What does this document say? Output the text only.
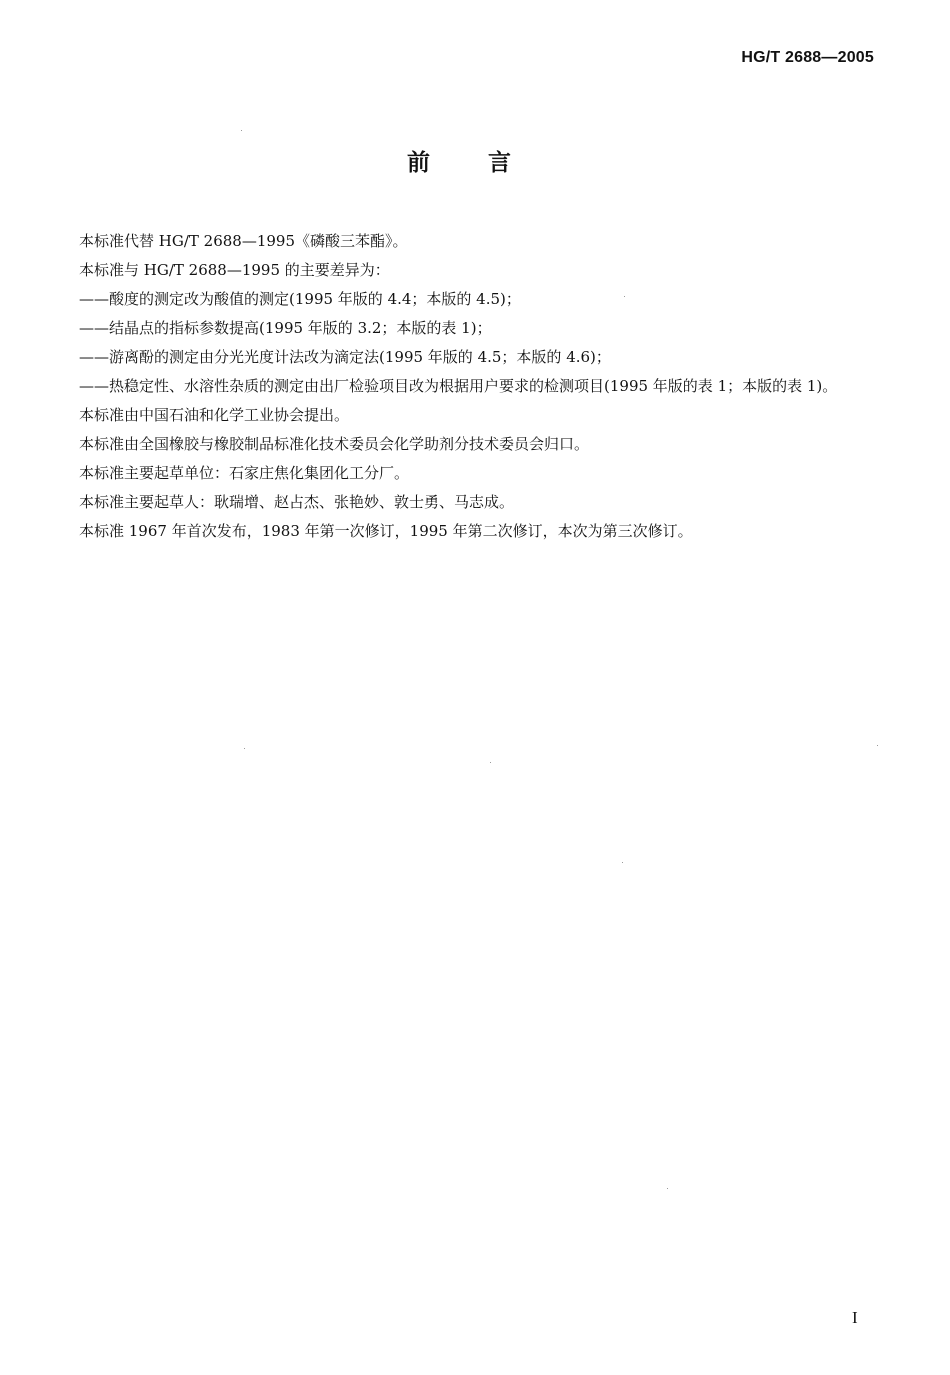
HG/T 2688—2005
前	言

本标准代替 HG/T 2688—1995《磷酸三苯酯》。

本标准与 HG/T 2688—1995 的主要差异为：

——酸度的测定改为酸值的测定(1995 年版的 4.4；本版的 4.5)；

——结晶点的指标参数提高(1995 年版的 3.2；本版的表 1)；

——游离酚的测定由分光光度计法改为滴定法(1995 年版的 4.5；本版的 4.6)；

——热稳定性、水溶性杂质的测定由出厂检验项目改为根据用户要求的检测项目(1995 年版的表 1；本版的表 1)。

本标准由中国石油和化学工业协会提出。

本标准由全国橡胶与橡胶制品标准化技术委员会化学助剂分技术委员会归口。

本标准主要起草单位：石家庄焦化集团化工分厂。

本标准主要起草人：耿瑞增、赵占杰、张艳妙、敦士勇、马志成。

本标准 1967 年首次发布，1983 年第一次修订，1995 年第二次修订，本次为第三次修订。

I
